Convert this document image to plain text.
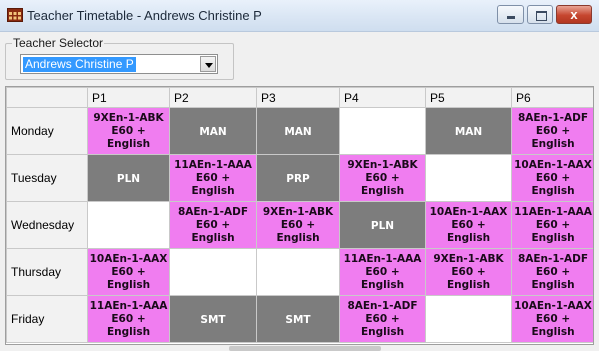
Teacher Timetable - Andrews Christine P	x
Teacher Selector
Andrews Christine P
	P1	P2	P3	P4	P5	P6
Monday	9XEn-1-ABK
E60 +
English	MAN	MAN		MAN	8AEn-1-ADF
E60 +
English

Tuesday	PLN	11AEn-1-AAA
E60 +
English	PRP	9XEn-1-ABK
E60 +
English		10AEn-1-AAX
E60 +
English

Wednesday		8AEn-1-ADF
E60 +
English	9XEn-1-ABK
E60 +
English	PLN	10AEn-1-AAX
E60 +
English	11AEn-1-AAA
E60 +
English

Thursday	10AEn-1-AAX
E60 +
English			11AEn-1-AAA
E60 +
English	9XEn-1-ABK
E60 +
English	8AEn-1-ADF
E60 +
English

Friday	11AEn-1-AAA
E60 +
English	SMT	SMT	8AEn-1-ADF
E60 +
English		10AEn-1-AAX
E60 +
English
